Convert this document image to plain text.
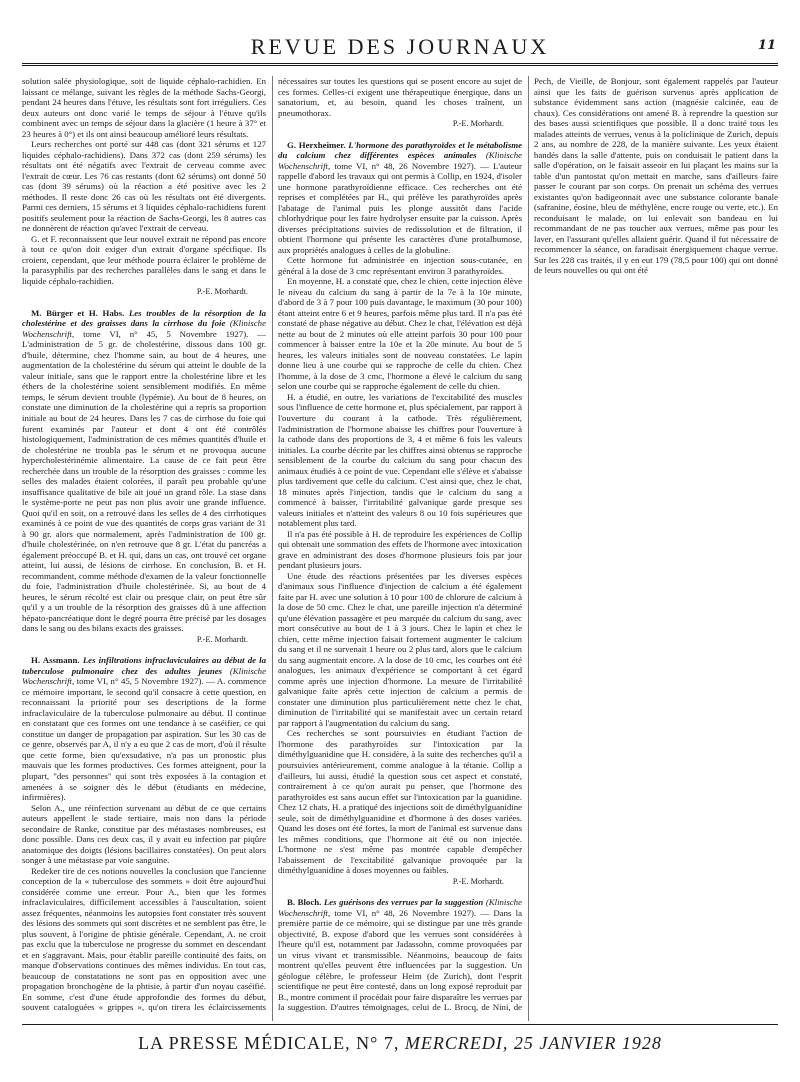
REVUE DES JOURNAUX	11

solution salée physiologique, soit de liquide céphalo-rachidien. En laissant ce mélange, suivant les règles de la méthode Sachs-Georgi, pendant 24 heures dans l'étuve, les résultats sont fort irréguliers. Ces deux auteurs ont donc varié le temps de séjour à l'étuve qu'ils combinent avec un temps de séjour dans la glacière (1 heure à 37° et 23 heures à 0°) et ils ont ainsi beaucoup amélioré leurs résultats.

Leurs recherches ont porté sur 448 cas (dont 321 sérums et 127 liquides céphalo-rachidiens). Dans 372 cas (dont 259 sérums) les résultats ont été négatifs avec l'extrait de cerveau comme avec l'extrait de cœur. Les 76 cas restants (dont 62 sérums) ont donné 50 cas (dont 39 sérums) où la réaction a été positive avec les 2 méthodes. Il reste donc 26 cas où les résultats ont été divergents. Parmi ces derniers, 15 sérums et 3 liquides céphalo-rachidiens furent positifs seulement pour la réaction de Sachs-Georgi, les 8 autres cas ne donnèrent de réaction qu'avec l'extrait de cerveau.

G. et F. reconnaissent que leur nouvel extrait ne répond pas encore à tout ce qu'on doit exiger d'un extrait d'organe spécifique. Ils croient, cependant, que leur méthode pourra éclairer le problème de la parasyphilis par des recherches parallèles dans le sang et dans le liquide céphalo-rachidien.

P.-E. Morhardt.

M. Bürger et H. Habs. Les troubles de la résorption de la cholestérine et des graisses dans la cirrhose du foie (Klinische Wochenschrift, tome VI, n° 45, 5 Novembre 1927). — L'administration de 5 gr. de cholestérine, dissous dans 100 gr. d'huile, détermine, chez l'homme sain, au bout de 4 heures, une augmentation de la cholestérine du sérum qui atteint le double de la valeur initiale, sans que le rapport entre la cholestérine libre et les éthers de la cholestérine soient sensiblement modifiés. En même temps, le sérum devient trouble (lypémie). Au bout de 8 heures, on constate une diminution de la cholestérine qui a repris sa proportion initiale au bout de 24 heures. Dans les 7 cas de cirrhose du foie qui furent examinés par l'auteur et dont 4 ont été contrôlés histologiquement, l'administration de ces mêmes quantités d'huile et de cholestérine ne troubla pas le sérum et ne provoqua aucune hypercholestérinémie alimentaire. La cause de ce fait peut être recherchée dans un trouble de la résorption des graisses : comme les selles des malades étaient colorées, il paraît peu probable qu'une insuffisance qualitative de bile ait joué un grand rôle. La stase dans le système-porte ne peut pas non plus avoir une grande influence. Quoi qu'il en soit, on a retrouvé dans les selles de 4 des cirrhotiques examinés à ce point de vue des quantités de corps gras variant de 31 à 90 gr. alors que normalement, après l'administration de 100 gr. d'huile cholestérinée, on n'en retrouve que 8 gr. L'état du pancréas a également préoccupé B. et H. qui, dans un cas, ont trouvé cet organe atteint, lui aussi, de lésions de cirrhose. En conclusion, B. et H. recommandent, comme méthode d'examen de la valeur fonctionnelle du foie, l'administration d'huile cholestérinée. Si, au bout de 4 heures, le sérum récolté est clair ou presque clair, on peut être sûr qu'il y a un trouble de la résorption des graisses dû à une affection hépato-pancréatique dont le degré pourra être précisé par les dosages dans le sang ou des bilans exacts des graisses.

P.-E. Morhardt.

H. Assmann. Les infiltrations infraclaviculaires au début de la tuberculose pulmonaire chez des adultes jeunes (Klinische Wochenschrift, tome VI, n° 45, 5 Novembre 1927). — A. commence ce mémoire important, le second qu'il consacre à cette question, en reconnaissant la priorité pour ses descriptions de la forme infraclaviculaire de la tuberculose pulmonaire au début. Il continue en constatant que ces formes ont une tendance à se caséifier, ce qui constitue un danger de propagation par aspiration. Sur les 30 cas de ce genre, observés par A, il n'y a eu que 2 cas de mort, d'où il résulte que cette forme, bien qu'exsudative, n'a pas un pronostic plus mauvais que les formes productives. Ces formes atteignent, pour la plupart, "des personnes" qui sont très exposées à la contagion et amenées à se soigner dès le début (étudiants en médecine, infirmières).

Selon A., une réinfection survenant au début de ce que certains auteurs appellent le stade tertiaire, mais non dans la période secondaire de Ranke, constitue par des métastases nombreuses, est donc possible. Dans ces deux cas, il y avait eu infection par piqûre anatomique des doigts (lésions bacillaires constatées). On peut alors songer à une métastase par voie sanguine.

Redeker tire de ces notions nouvelles la conclusion que l'ancienne conception de la « tuberculose des sommets » doit être aujourd'hui considérée comme une erreur. Pour A., bien que les formes infraclaviculaires, difficilement accessibles à l'auscultation, soient assez fréquentes, néanmoins les autopsies font constater très souvent des lésions des sommets qui sont discrètes et ne semblent pas être, le plus souvent, à l'origine de phtisie générale. Cependant, A. ne croit pas exclu que la tuberculose ne progresse du sommet en descendant et en s'aggravant. Mais, pour établir pareille continuité des faits, on manque d'observations continues des mêmes individus. En tout cas, beaucoup de constatations ne sont pas en opposition avec une propagation bronchogène de la phtisie, à partir d'un noyau caséifié. En somme, c'est d'une étude approfondie des formes du début, souvent cataloguées « grippes », qu'on tirera les éclaircissements nécessaires sur toutes les questions qui se posent encore au sujet de ces formes. Celles-ci exigent une thérapeutique énergique, dans un sanatorium, et, au besoin, quand les choses traînent, un pneumothorax.

P.-E. Morhardt.

G. Herxheimer. L'hormone des parathyroïdes et le métabolisme du calcium chez différentes espèces animales (Klinische Wochenschrift, tome VI, n° 48, 26 Novembre 1927). — L'auteur rappelle d'abord les travaux qui ont permis à Collip, en 1924, d'isoler une hormone parathyroïdienne efficace. Ces recherches ont été reprises et complétées par H., qui prélève les parathyroïdes après l'abatage de l'animal puis les plonge aussitôt dans l'acide chlorhydrique pour les faire hydrolyser ensuite par la cuisson. Après diverses précipitations suivies de redissolution et de filtration, il obtient l'hormone qui présente les caractères d'une protalbumose, aux propriétés analogues à celles de la globuline.

Cette hormone fut administrée en injection sous-cutanée, en général à la dose de 3 cmc représentant environ 3 parathyroïdes.

En moyenne, H. a constaté que, chez le chien, cette injection élève le niveau du calcium du sang à partir de la 7e à la 10e minute, d'abord de 3 à 7 pour 100 puis davantage, le maximum (30 pour 100) étant atteint entre 6 et 9 heures, parfois même plus tard. Il n'a pas été constaté de phase négative au début. Chez le chat, l'élévation est déjà nette au bout de 2 minutes où elle atteint parfois 30 pour 100 pour commencer à baisser entre la 10e et la 20e minute. Au bout de 5 heures, les valeurs initiales sont de nouveau constatées. Le lapin donne lieu à une courbe qui se rapproche de celle du chien. Chez l'homme, à la dose de 3 cmc, l'hormone a élevé le calcium du sang selon une courbe qui se rapproche également de celle du chien.

H. a étudié, en outre, les variations de l'excitabilité des muscles sous l'influence de cette hormone et, plus spécialement, par rapport à l'ouverture du courant à la cathode. Très régulièrement, l'administration de l'hormone abaisse les chiffres pour l'ouverture à la cathode dans des proportions de 3, 4 et même 6 fois les valeurs initiales. La courbe décrite par les chiffres ainsi obtenus se rapproche sensiblement de la courbe du calcium du sang pour chacun des animaux étudiés à ce point de vue. Cependant elle s'élève et s'abaisse plus tardivement que celle du calcium. C'est ainsi que, chez le chat, 18 minutes après l'injection, tandis que le calcium du sang a commencé à baisser, l'irritabilité galvanique garde presque ses valeurs initiales et n'atteint des valeurs 8 ou 10 fois supérieures que notablement plus tard.

Il n'a pas été possible à H. de reproduire les expériences de Collip qui obtenait une sommation des effets de l'hormone avec intoxication grave en administrant des doses d'hormone plusieurs fois par jour pendant plusieurs jours.

Une étude des réactions présentées par les diverses espèces d'animaux sous l'influence d'injection de calcium a été également faite par H. avec une solution à 10 pour 100 de chlorure de calcium à la dose de 50 cmc. Chez le chat, une pareille injection n'a déterminé qu'une élévation passagère et peu marquée du calcium du sang, avec mort consécutive au bout de 1 à 3 jours. Chez le lapin et chez le chien, cette même injection faisait fortement augmenter le calcium du sang et il ne survenait 1 heure ou 2 plus tard, alors que le calcium du sang augmentait encore. A la dose de 10 cmc, les courbes ont été analogues, les animaux d'expérience se comportant à cet égard comme après une injection d'hormone. La mesure de l'irritabilité galvanique faite après cette injection de calcium a permis de constater une diminution plus particulièrement nette chez le chat, diminution de l'irritabilité qui se manifestait avec un certain retard par rapport à l'augmentation du calcium du sang.

Ces recherches se sont poursuivies en étudiant l'action de l'hormone des parathyroïdes sur l'intoxication par la diméthylguanidine que H. considère, à la suite des recherches qu'il a poursuivies antérieurement, comme analogue à la tétanie. Collip a d'ailleurs, lui aussi, étudié la question sous cet aspect et constaté, contrairement à ce qu'on aurait pu penser, que l'hormone des parathyroïdes est sans aucun effet sur l'intoxication par la guanidine. Chez 12 chats, H. a pratiqué des injections soit de diméthylguanidine seule, soit de diméthylguanidine et d'hormone à des doses variées. Quand les doses ont été fortes, la mort de l'animal est survenue dans les mêmes conditions, que l'hormone ait été ou non injectée. L'hormone ne s'est même pas montrée capable d'empêcher l'abaissement de l'excitabilité galvanique provoquée par la diméthylguanidine à doses moyennes ou faibles.

P.-E. Morhardt.

B. Bloch. Les guérisons des verrues par la suggestion (Klinische Wochenschrift, tome VI, n° 48, 26 Novembre 1927). — Dans la première partie de ce mémoire, qui se distingue par une très grande objectivité, B. expose d'abord que les verrues sont considérées à l'heure qu'il est, notamment par Jadassohn, comme provoquées par un virus vivant et transmissible. Néanmoins, beaucoup de faits montrent qu'elles peuvent être influencées par la suggestion. Un géologue célèbre, le professeur Heim (de Zurich), dont l'esprit scientifique ne peut être contesté, dans un long exposé reproduit par B., montre comment il procédait pour faire disparaître les verrues par la suggestion. D'autres témoignages, celui de L. Brocq, de Nini, de Pech, de Vieille, de Bonjour, sont également rappelés par l'auteur ainsi que les faits de guérison survenus après application de substance évidemment sans action (magnésie calcinée, eau de chaux). Ces considérations ont amené B. à reprendre la question sur des bases aussi scientifiques que possible. Il a donc traité tous les malades atteints de verrues, venus à la policlinique de Zurich, depuis 2 ans, au nombre de 228, de la manière suivante. Les yeux étaient bandés dans la salle d'attente, puis on conduisait le patient dans la salle d'opération, on le faisait asseoir en lui plaçant les mains sur la table d'un pantostat qu'on mettait en marche, sans d'ailleurs faire passer le courant par son corps. On prenait un schéma des verrues existantes qu'on badigeonnait avec une substance colorante banale (safranine, éosine, bleu de méthylène, encre rouge ou verte, etc.). En reconduisant le malade, on lui enlevait son bandeau en lui recommandant de ne pas toucher aux verrues, même pas pour les laver, en l'assurant qu'elles allaient guérir. Quand il fut nécessaire de recommencer la séance, on faradisait énergiquement chaque verrue. Sur les 228 cas traités, il y en eut 179 (78,5 pour 100) qui ont donné de leurs nouvelles ou qui ont été

LA PRESSE MÉDICALE, N° 7, MERCREDI, 25 JANVIER 1928
